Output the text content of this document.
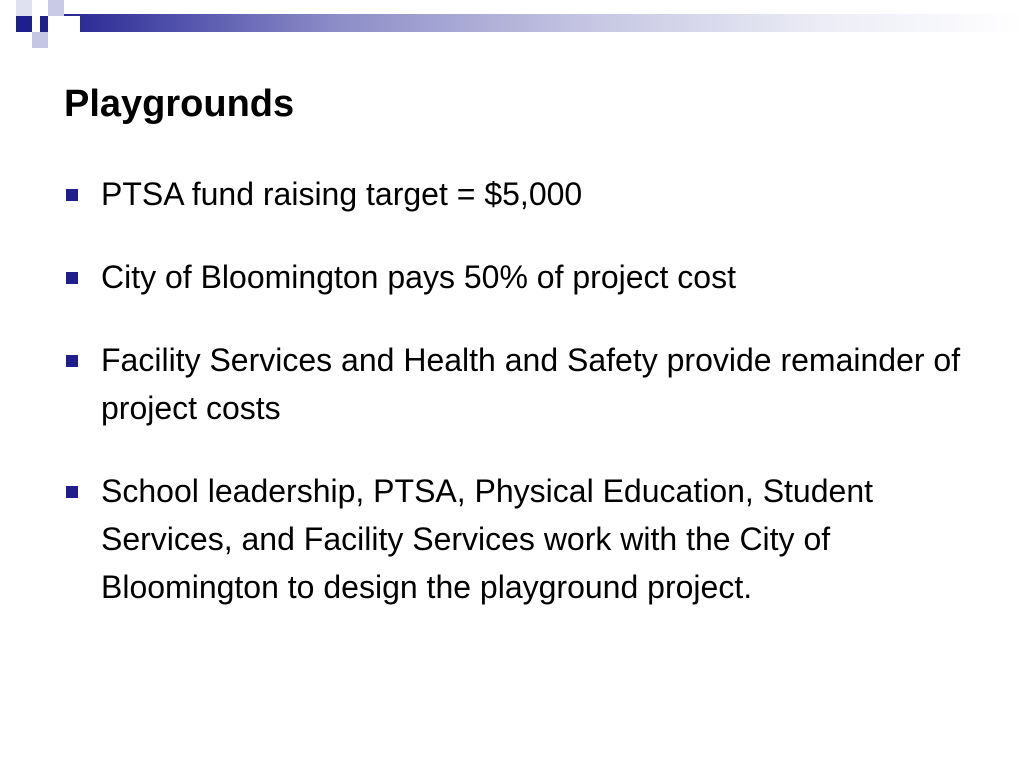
Playgrounds
PTSA fund raising target = $5,000
City of Bloomington pays 50% of project cost
Facility Services and Health and Safety provide remainder of project costs
School leadership, PTSA, Physical Education, Student Services, and Facility Services work with the City of Bloomington to design the playground project.
